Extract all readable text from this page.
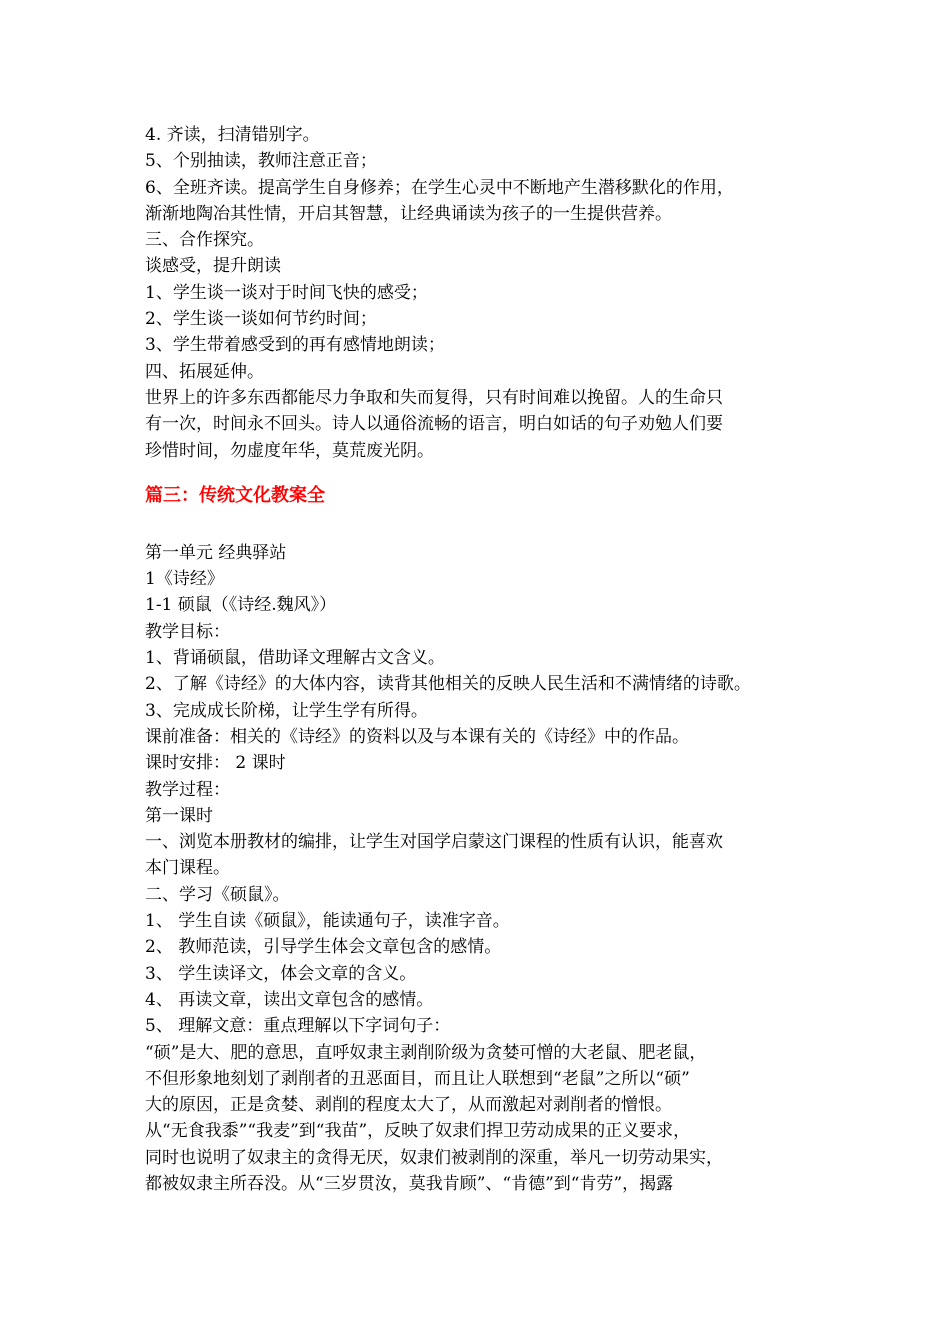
4. 齐读，扫清错别字。
5、个别抽读，教师注意正音；
6、全班齐读。提高学生自身修养；在学生心灵中不断地产生潜移默化的作用，
渐渐地陶冶其性情，开启其智慧，让经典诵读为孩子的一生提供营养。
三、合作探究。
谈感受，提升朗读
1、学生谈一谈对于时间飞快的感受；
2、学生谈一谈如何节约时间；
3、学生带着感受到的再有感情地朗读；
四、拓展延伸。
世界上的许多东西都能尽力争取和失而复得，只有时间难以挽留。人的生命只
有一次，时间永不回头。诗人以通俗流畅的语言，明白如话的句子劝勉人们要
珍惜时间，勿虚度年华，莫荒废光阴。
篇三：传统文化教案全
第一单元 经典驿站
1《诗经》
1-1 硕鼠（《诗经.魏风》）
教学目标：
1、背诵硕鼠，借助译文理解古文含义。
2、了解《诗经》的大体内容，读背其他相关的反映人民生活和不满情绪的诗歌。
3、完成成长阶梯，让学生学有所得。
课前准备：相关的《诗经》的资料以及与本课有关的《诗经》中的作品。
课时安排： 2 课时
教学过程：
第一课时
一、浏览本册教材的编排，让学生对国学启蒙这门课程的性质有认识，能喜欢
本门课程。
二、学习《硕鼠》。
1、 学生自读《硕鼠》，能读通句子，读准字音。
2、 教师范读，引导学生体会文章包含的感情。
3、 学生读译文，体会文章的含义。
4、 再读文章，读出文章包含的感情。
5、 理解文意：重点理解以下字词句子：
“硕”是大、肥的意思，直呼奴隶主剥削阶级为贪婪可憎的大老鼠、肥老鼠，
不但形象地刻划了剥削者的丑恶面目，而且让人联想到“老鼠”之所以“硕”
大的原因，正是贪婪、剥削的程度太大了，从而激起对剥削者的憎恨。
从“无食我黍”“我麦”到“我苗”，反映了奴隶们捍卫劳动成果的正义要求，
同时也说明了奴隶主的贪得无厌，奴隶们被剥削的深重，举凡一切劳动果实，
都被奴隶主所吞没。从“三岁贯汝，莫我肯顾”、“肯德”到“肯劳”，揭露
